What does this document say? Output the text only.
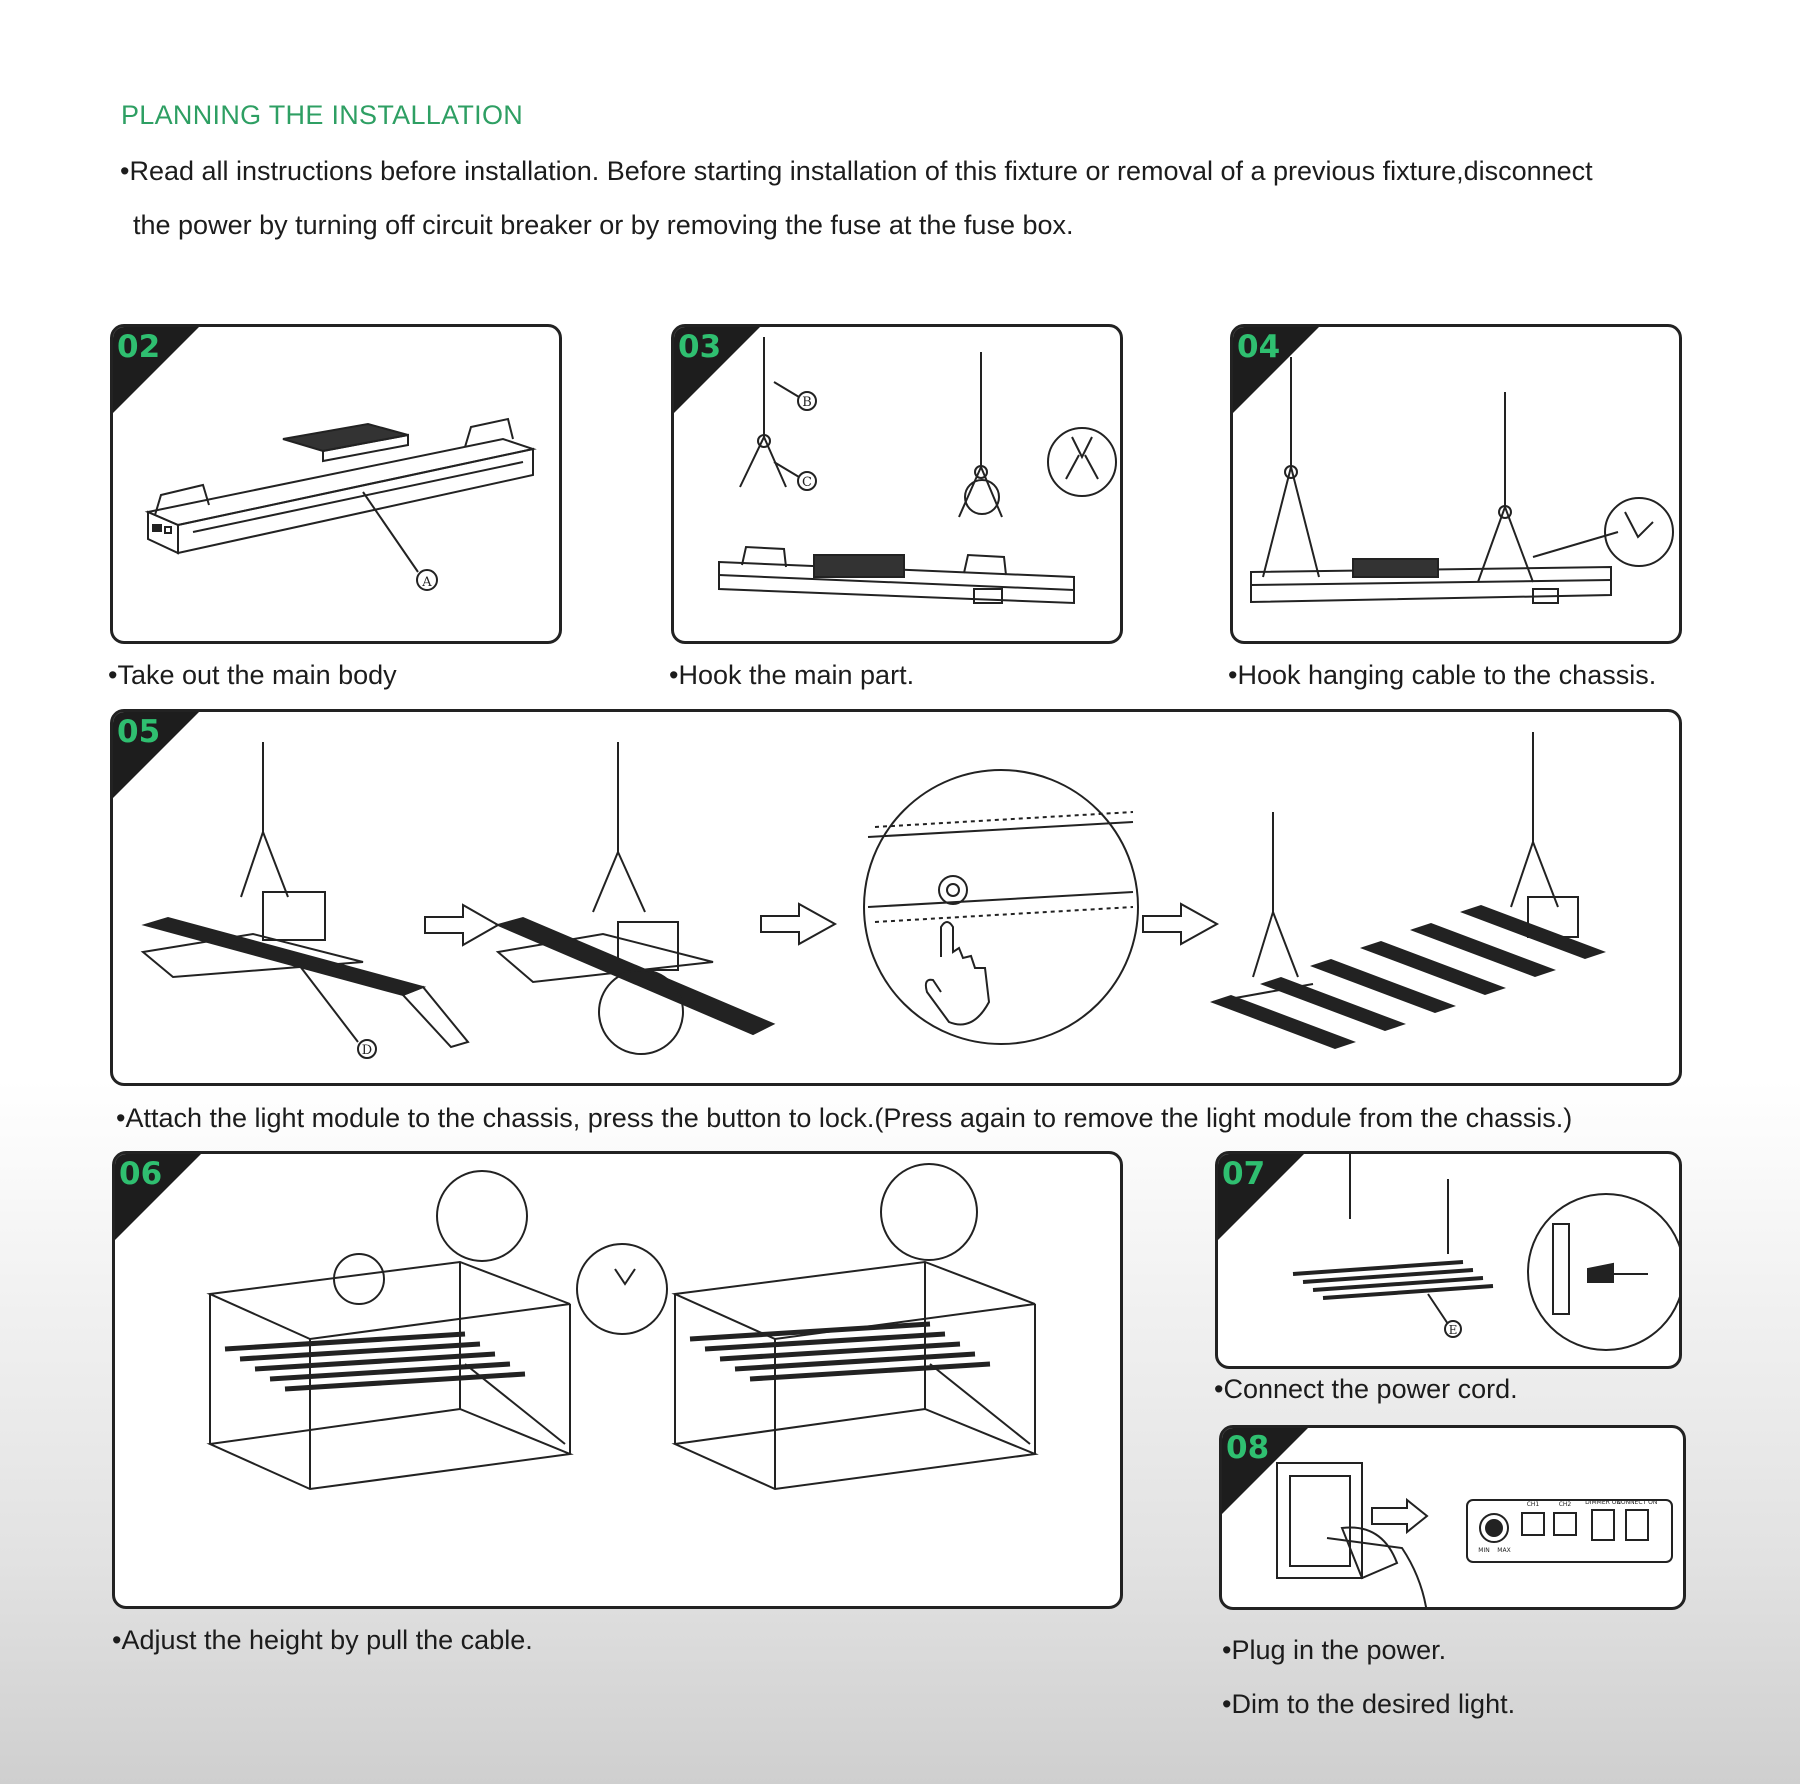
PLANNING THE INSTALLATION
•Read all instructions before installation. Before starting installation of this fixture or removal of a previous fixture,disconnect
the power by turning off circuit breaker or by removing the fuse at the fuse box.
A
02
•Take out the main body
B
C
03
•Hook the main part.
04
•Hook hanging cable to the chassis.
D
05
•Attach the light module to the chassis, press the button to lock.(Press again to remove the light module from the chassis.)
06
•Adjust the height by pull the cable.
E
07
•Connect the power cord.
CH1	CH2 DIMMER ON
CONNECT ON
MIN MAX
08
•Plug in the power.
•Dim to the desired light.
